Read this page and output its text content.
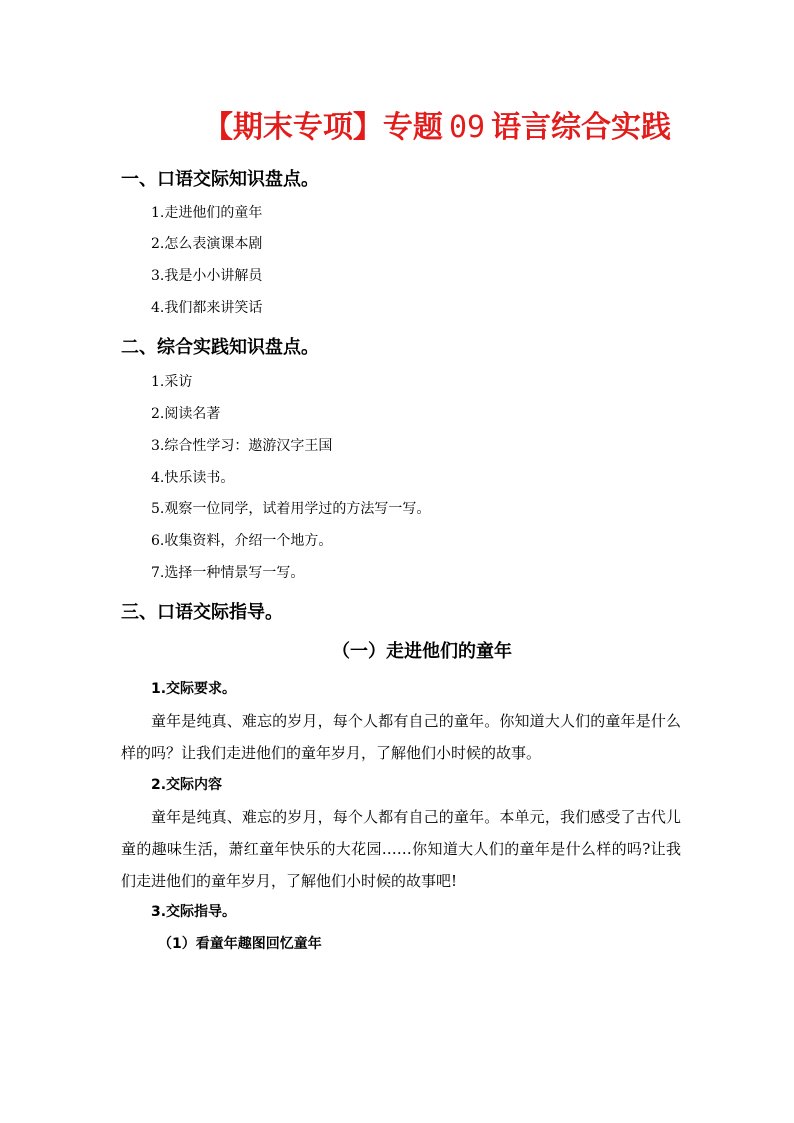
【期末专项】专题 09 语言综合实践
一、口语交际知识盘点。
1.走进他们的童年
2.怎么表演课本剧
3.我是小小讲解员
4.我们都来讲笑话
二、综合实践知识盘点。
1.采访
2.阅读名著
3.综合性学习：遨游汉字王国
4.快乐读书。
5.观察一位同学，试着用学过的方法写一写。
6.收集资料，介绍一个地方。
7.选择一种情景写一写。
三、口语交际指导。
（一）走进他们的童年
1.交际要求。
童年是纯真、难忘的岁月，每个人都有自己的童年。你知道大人们的童年是什么样的吗？让我们走进他们的童年岁月，了解他们小时候的故事。
2.交际内容
童年是纯真、难忘的岁月，每个人都有自己的童年。本单元，我们感受了古代儿童的趣味生活，萧红童年快乐的大花园……你知道大人们的童年是什么样的吗?让我们走进他们的童年岁月，了解他们小时候的故事吧!
3.交际指导。
（1）看童年趣图回忆童年
